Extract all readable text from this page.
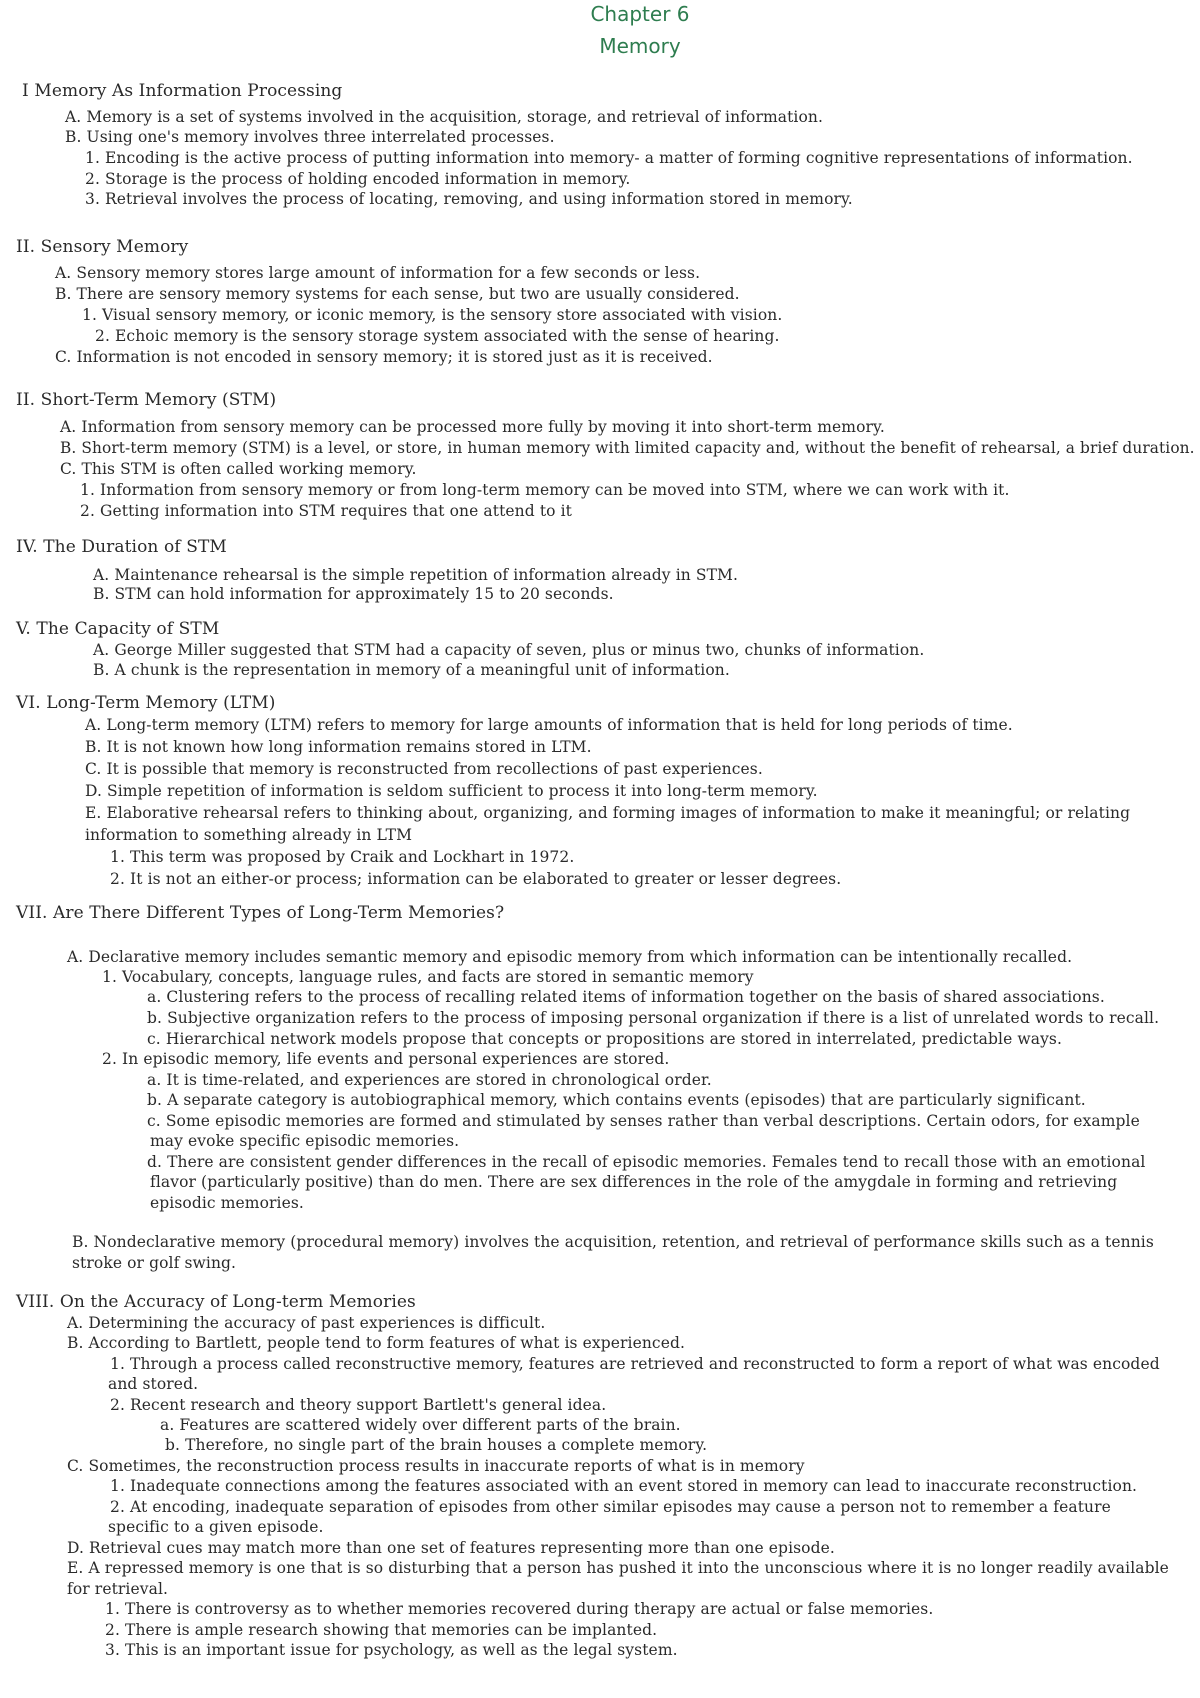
Chapter 6
Memory
I Memory As Information Processing
A. Memory is a set of systems involved in the acquisition, storage, and retrieval of information.
B. Using one's memory involves three interrelated processes.
1. Encoding is the active process of putting information into memory- a matter of forming cognitive representations of information.
2. Storage is the process of holding encoded information in memory.
3. Retrieval involves the process of locating, removing, and using information stored in memory.
II. Sensory Memory
A. Sensory memory stores large amount of information for a few seconds or less.
B. There are sensory memory systems for each sense, but two are usually considered.
1. Visual sensory memory, or iconic memory, is the sensory store associated with vision.
2. Echoic memory is the sensory storage system associated with the sense of hearing.
C. Information is not encoded in sensory memory; it is stored just as it is received.
II. Short-Term Memory (STM)
A. Information from sensory memory can be processed more fully by moving it into short-term memory.
B. Short-term memory (STM) is a level, or store, in human memory with limited capacity and, without the benefit of rehearsal, a brief duration.
C. This STM is often called working memory.
1. Information from sensory memory or from long-term memory can be moved into STM, where we can work with it.
2. Getting information into STM requires that one attend to it
IV. The Duration of STM
A. Maintenance rehearsal is the simple repetition of information already in STM.
B. STM can hold information for approximately 15 to 20 seconds.
V. The Capacity of STM
A. George Miller suggested that STM had a capacity of seven, plus or minus two, chunks of information.
B. A chunk is the representation in memory of a meaningful unit of information.
VI. Long-Term Memory (LTM)
A. Long-term memory (LTM) refers to memory for large amounts of information that is held for long periods of time.
B. It is not known how long information remains stored in LTM.
C. It is possible that memory is reconstructed from recollections of past experiences.
D. Simple repetition of information is seldom sufficient to process it into long-term memory.
E. Elaborative rehearsal refers to thinking about, organizing, and forming images of information to make it meaningful; or relating
information to something already in LTM
1. This term was proposed by Craik and Lockhart in 1972.
2. It is not an either-or process; information can be elaborated to greater or lesser degrees.
VII. Are There Different Types of Long-Term Memories?
A. Declarative memory includes semantic memory and episodic memory from which information can be intentionally recalled.
1. Vocabulary, concepts, language rules, and facts are stored in semantic memory
a. Clustering refers to the process of recalling related items of information together on the basis of shared associations.
b. Subjective organization refers to the process of imposing personal organization if there is a list of unrelated words to recall.
c. Hierarchical network models propose that concepts or propositions are stored in interrelated, predictable ways.
2. In episodic memory, life events and personal experiences are stored.
a. It is time-related, and experiences are stored in chronological order.
b. A separate category is autobiographical memory, which contains events (episodes) that are particularly significant.
c. Some episodic memories are formed and stimulated by senses rather than verbal descriptions. Certain odors, for example
may evoke specific episodic memories.
d. There are consistent gender differences in the recall of episodic memories. Females tend to recall those with an emotional
flavor (particularly positive) than do men. There are sex differences in the role of the amygdale in forming and retrieving
episodic memories.
B. Nondeclarative memory (procedural memory) involves the acquisition, retention, and retrieval of performance skills such as a tennis
stroke or golf swing.
VIII. On the Accuracy of Long-term Memories
A. Determining the accuracy of past experiences is difficult.
B. According to Bartlett, people tend to form features of what is experienced.
1. Through a process called reconstructive memory, features are retrieved and reconstructed to form a report of what was encoded
and stored.
2. Recent research and theory support Bartlett's general idea.
a. Features are scattered widely over different parts of the brain.
b. Therefore, no single part of the brain houses a complete memory.
C. Sometimes, the reconstruction process results in inaccurate reports of what is in memory
1. Inadequate connections among the features associated with an event stored in memory can lead to inaccurate reconstruction.
2. At encoding, inadequate separation of episodes from other similar episodes may cause a person not to remember a feature
specific to a given episode.
D. Retrieval cues may match more than one set of features representing more than one episode.
E. A repressed memory is one that is so disturbing that a person has pushed it into the unconscious where it is no longer readily available
for retrieval.
1. There is controversy as to whether memories recovered during therapy are actual or false memories.
2. There is ample research showing that memories can be implanted.
3. This is an important issue for psychology, as well as the legal system.
